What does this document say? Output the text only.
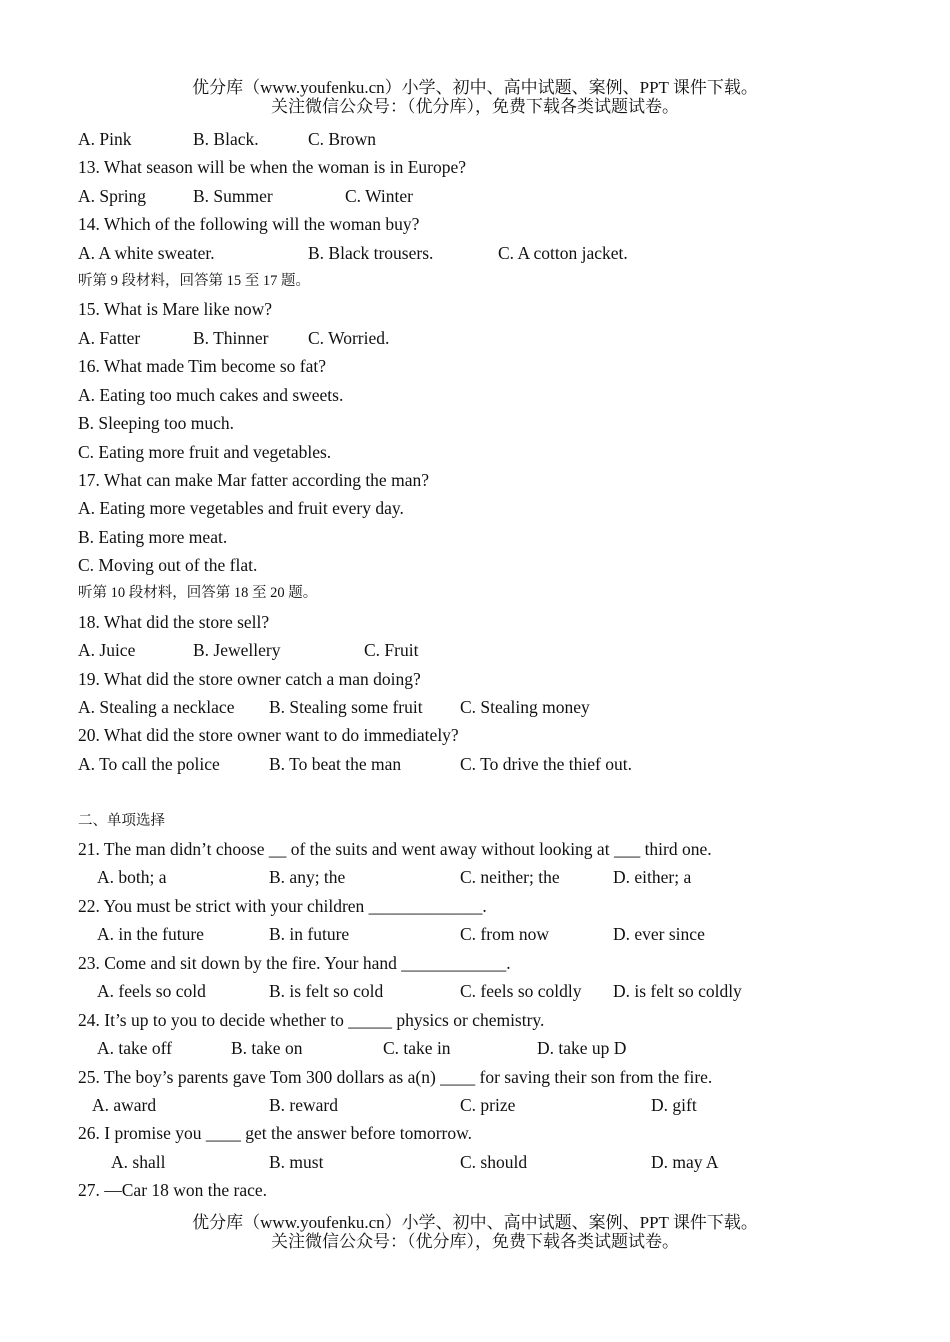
优分库（www.youfenku.cn）小学、初中、高中试题、案例、PPT 课件下载。
关注微信公众号：（优分库），免费下载各类试题试卷。
A. Pink	B. Black.	C. Brown
13. What season will be when the woman is in Europe?
A. Spring	B. Summer	C. Winter
14. Which of the following will the woman buy?
A. A white sweater.	B. Black trousers.	C. A cotton jacket.
听第 9 段材料，回答第 15 至 17 题。
15. What is Mare like now?
A. Fatter	B. Thinner C. Worried.
16. What made Tim become so fat?
A. Eating too much cakes and sweets.
B. Sleeping too much.
C. Eating more fruit and vegetables.
17. What can make Mar fatter according the man?
A. Eating more vegetables and fruit every day.
B. Eating more meat.
C. Moving out of the flat.
听第 10 段材料，回答第 18 至 20 题。
18. What did the store sell?
A. Juice	B. Jewellery	C. Fruit
19. What did the store owner catch a man doing?
A. Stealing a necklace B. Stealing some fruit C. Stealing money
20. What did the store owner want to do immediately?
A. To call the police	B. To beat the man	C. To drive the thief out.
二、单项选择
21. The man didn’t choose __ of the suits and went away without looking at ___ third one.
A. both; a	B. any; the	C. neither; the	D. either; a
22. You must be strict with your children _____________.
A. in the future	B. in future	C. from now	D. ever since
23. Come and sit down by the fire. Your hand ____________.
A. feels so cold	B. is felt so cold	C. feels so coldly D. is felt so coldly
24. It’s up to you to decide whether to _____ physics or chemistry.
A. take off	B. take on	C. take in	D. take up D
25. The boy’s parents gave Tom 300 dollars as a(n) ____ for saving their son from the fire.
A. award	B. reward	C. prize	D. gift
26. I promise you ____ get the answer before tomorrow.
A. shall	B. must	C. should	D. may A
27. —Car 18 won the race.
优分库（www.youfenku.cn）小学、初中、高中试题、案例、PPT 课件下载。
关注微信公众号：（优分库），免费下载各类试题试卷。
